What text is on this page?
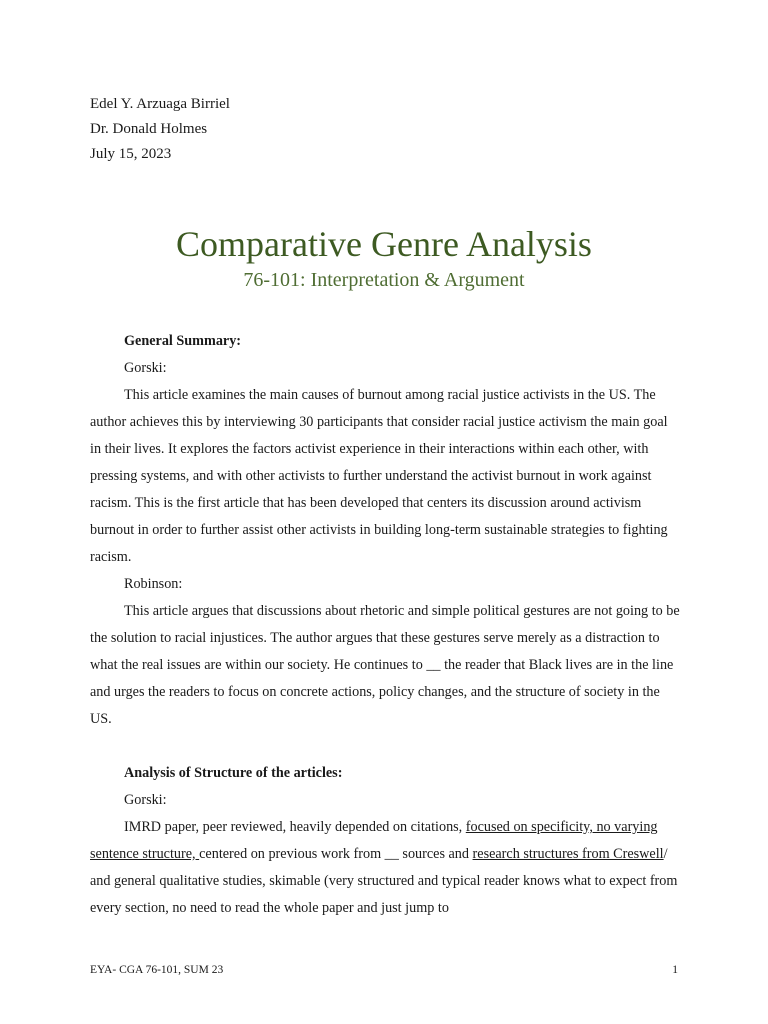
Edel Y. Arzuaga Birriel
Dr. Donald Holmes
July 15, 2023
Comparative Genre Analysis
76-101: Interpretation & Argument

General Summary:

Gorski:

This article examines the main causes of burnout among racial justice activists in the US. The author achieves this by interviewing 30 participants that consider racial justice activism the main goal in their lives. It explores the factors activist experience in their interactions within each other, with pressing systems, and with other activists to further understand the activist burnout in work against racism. This is the first article that has been developed that centers its discussion around activism burnout in order to further assist other activists in building long-term sustainable strategies to fighting racism.

Robinson:

This article argues that discussions about rhetoric and simple political gestures are not going to be the solution to racial injustices. The author argues that these gestures serve merely as a distraction to what the real issues are within our society. He continues to __ the reader that Black lives are in the line and urges the readers to focus on concrete actions, policy changes, and the structure of society in the US.

Analysis of Structure of the articles:

Gorski:

IMRD paper, peer reviewed, heavily depended on citations, focused on specificity, no varying sentence structure, centered on previous work from __ sources and research structures from Creswell/ and general qualitative studies, skimable (very structured and typical reader knows what to expect from every section, no need to read the whole paper and just jump to

EYA- CGA 76-101, SUM 23	1
